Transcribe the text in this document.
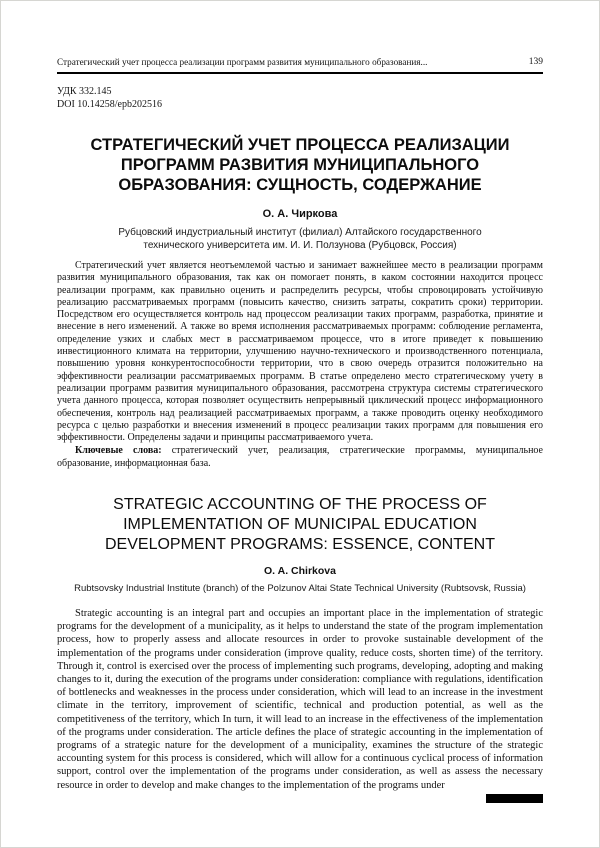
Стратегический учет процесса реализации программ развития муниципального образования...	139
УДК 332.145
DOI 10.14258/epb202516
СТРАТЕГИЧЕСКИЙ УЧЕТ ПРОЦЕССА РЕАЛИЗАЦИИ ПРОГРАММ РАЗВИТИЯ МУНИЦИПАЛЬНОГО ОБРАЗОВАНИЯ: СУЩНОСТЬ, СОДЕРЖАНИЕ
О. А. Чиркова
Рубцовский индустриальный институт (филиал) Алтайского государственного технического университета им. И. И. Ползунова (Рубцовск, Россия)

Стратегический учет является неотъемлемой частью и занимает важнейшее место в реализации программ развития муниципального образования, так как он помогает понять, в каком состоянии находится процесс реализации программ, как правильно оценить и распределить ресурсы, чтобы спровоцировать устойчивую реализацию рассматриваемых программ (повысить качество, снизить затраты, сократить сроки) территории. Посредством его осуществляется контроль над процессом реализации таких программ, разработка, принятие и внесение в него изменений. А также во время исполнения рассматриваемых программ: соблюдение регламента, определение узких и слабых мест в рассматриваемом процессе, что в итоге приведет к повышению инвестиционного климата на территории, улучшению научно-технического и производственного потенциала, повышению уровня конкурентоспособности территории, что в свою очередь отразится положительно на эффективности реализации рассматриваемых программ. В статье определено место стратегическому учету в реализации программ развития муниципального образования, рассмотрена структура системы стратегического учета данного процесса, которая позволяет осуществить непрерывный циклический процесс информационного обеспечения, контроль над реализацией рассматриваемых программ, а также проводить оценку необходимого ресурса с целью разработки и внесения изменений в процесс реализации таких программ для повышения его эффективности. Определены задачи и принципы рассматриваемого учета.

Ключевые слова: стратегический учет, реализация, стратегические программы, муниципальное образование, информационная база.

STRATEGIC ACCOUNTING OF THE PROCESS OF IMPLEMENTATION OF MUNICIPAL EDUCATION DEVELOPMENT PROGRAMS: ESSENCE, CONTENT
O. A. Chirkova
Rubtsovsky Industrial Institute (branch) of the Polzunov Altai State Technical University (Rubtsovsk, Russia)

Strategic accounting is an integral part and occupies an important place in the implementation of strategic programs for the development of a municipality, as it helps to understand the state of the program implementation process, how to properly assess and allocate resources in order to provoke sustainable development of the implementation of the programs under consideration (improve quality, reduce costs, shorten time) of the territory. Through it, control is exercised over the process of implementing such programs, developing, adopting and making changes to it, during the execution of the programs under consideration: compliance with regulations, identification of bottlenecks and weaknesses in the process under consideration, which will lead to an increase in the investment climate in the territory, improvement of scientific, technical and production potential, as well as the competitiveness of the territory, which In turn, it will lead to an increase in the effectiveness of the implementation of the programs under consideration. The article defines the place of strategic accounting in the implementation of programs of a strategic nature for the development of a municipality, examines the structure of the strategic accounting system for this process is considered, which will allow for a continuous cyclical process of information support, control over the implementation of the programs under consideration, as well as assess the necessary resource in order to develop and make changes to the implementation of the programs under
